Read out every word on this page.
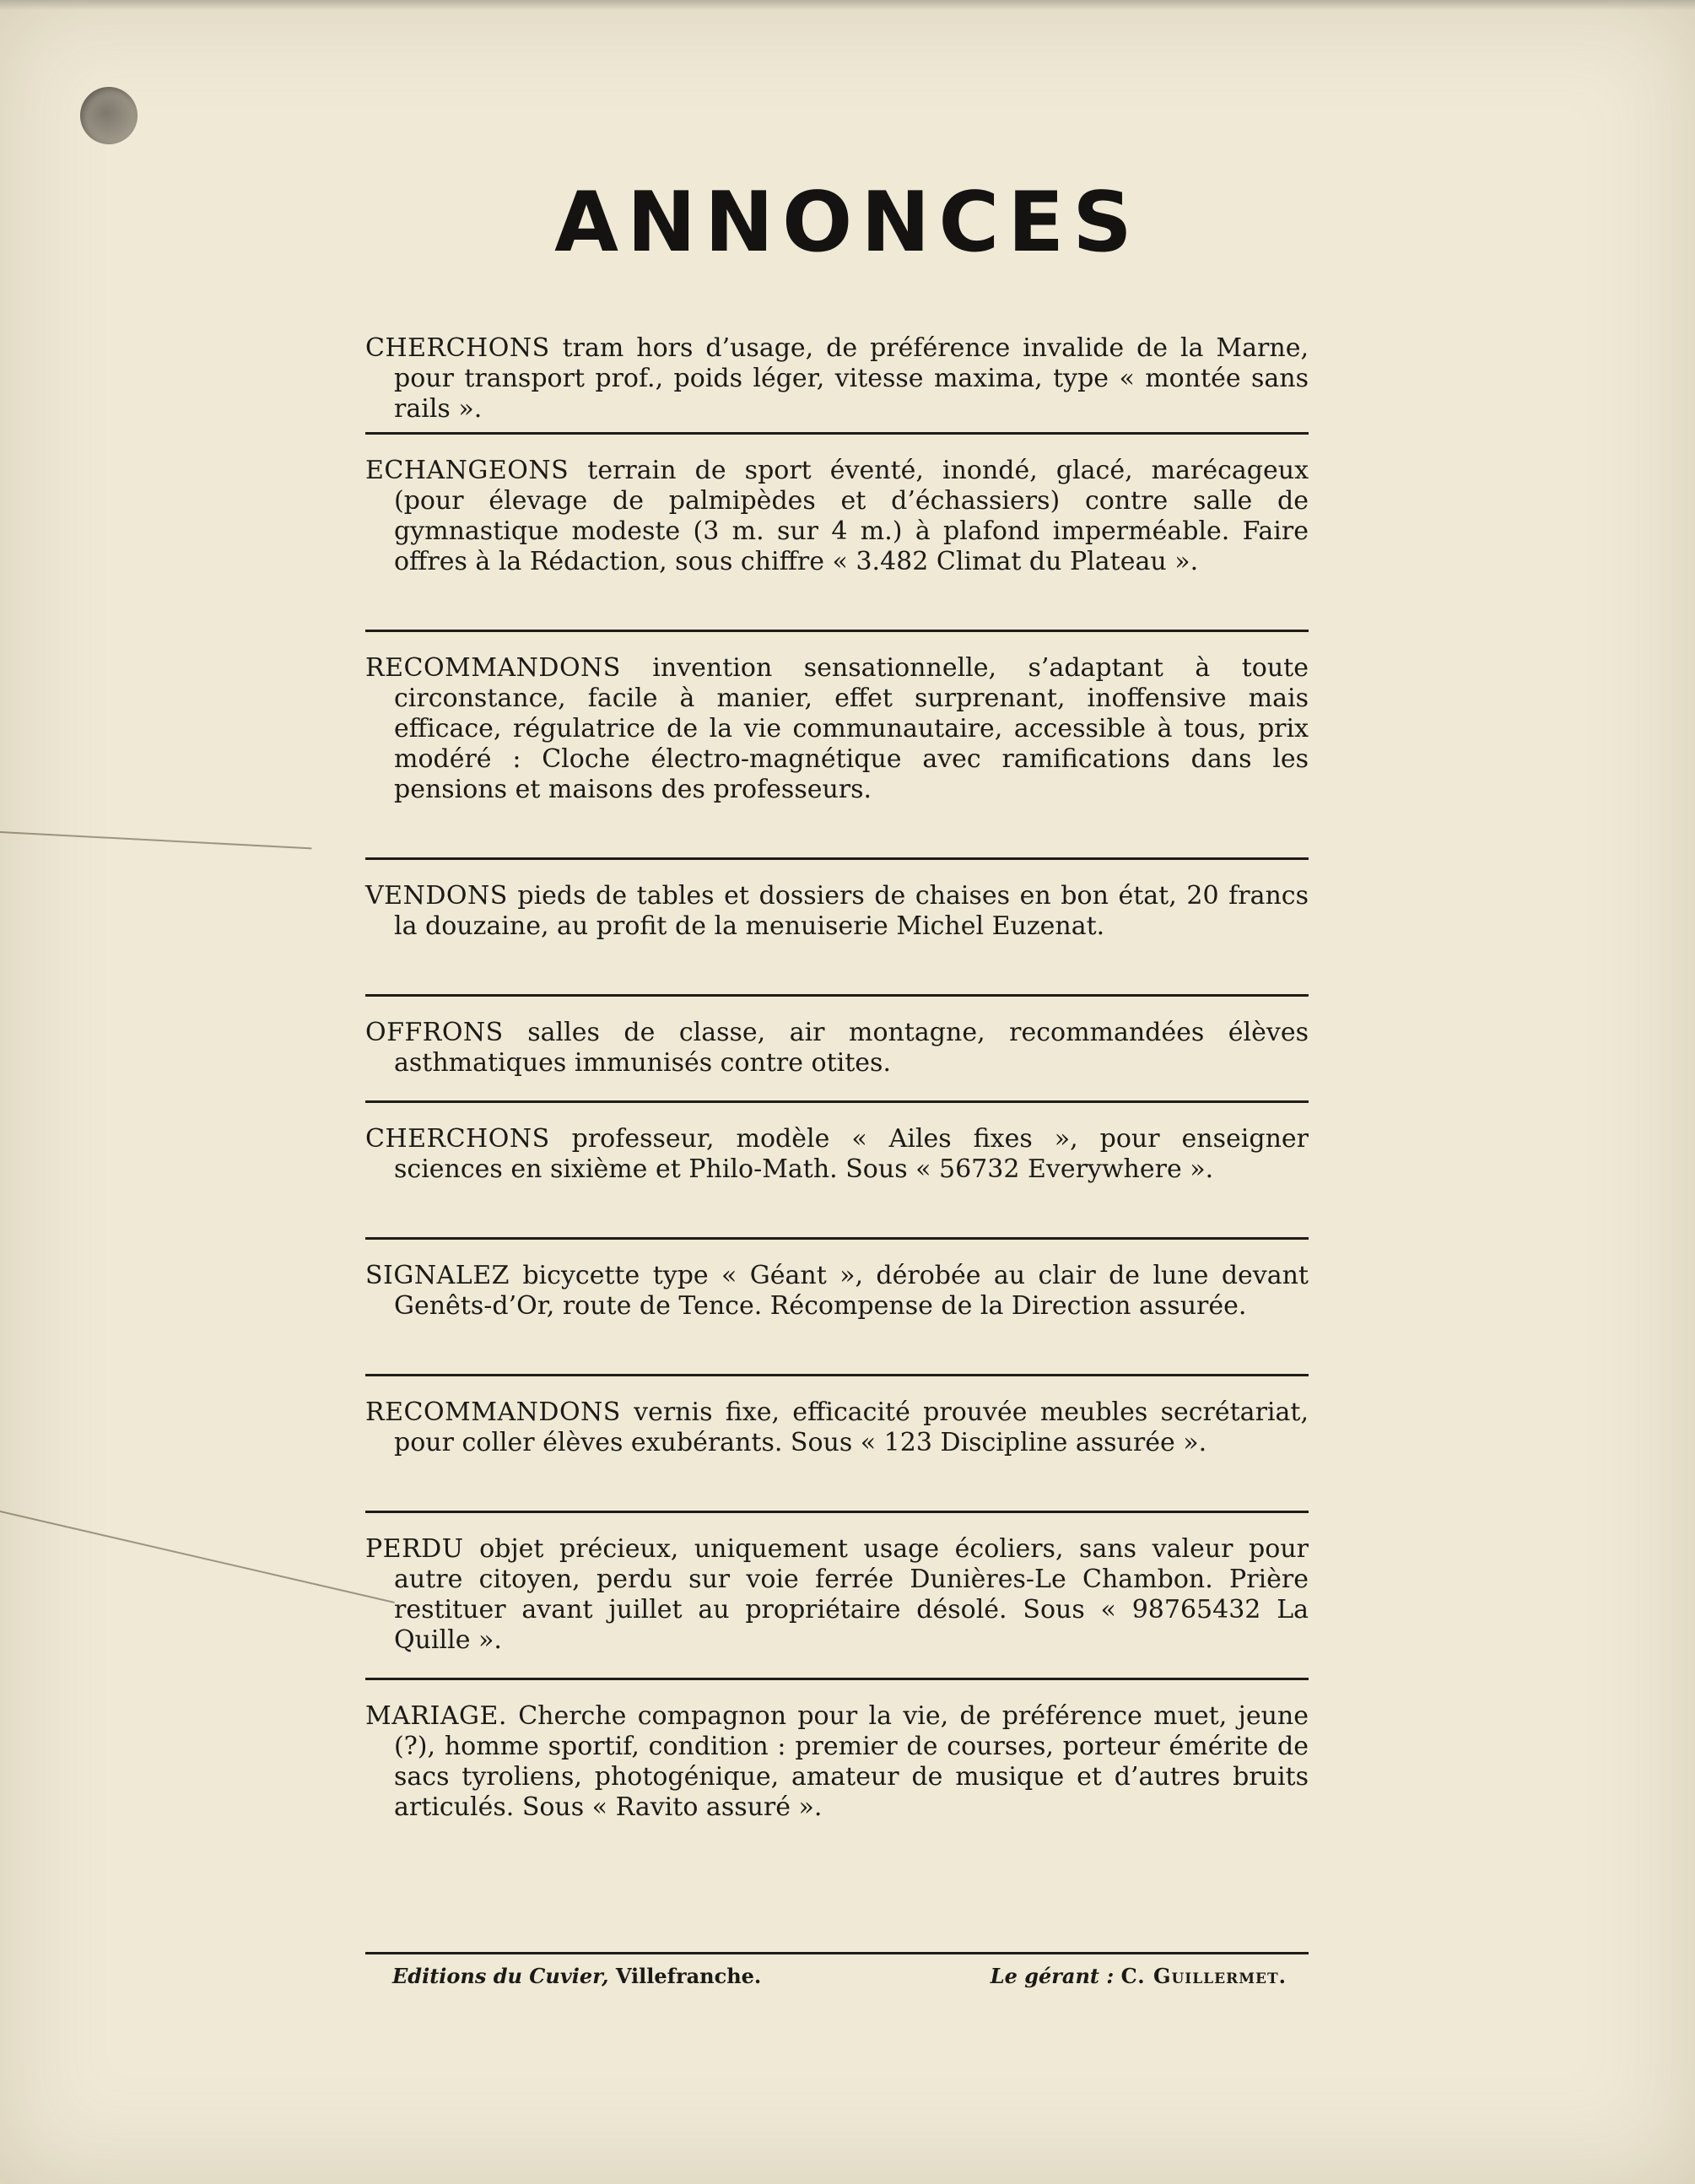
ANNONCES

CHERCHONS tram hors d’usage, de préférence invalide de la Marne, pour transport prof., poids léger, vitesse maxima, type « montée sans rails ».

ECHANGEONS terrain de sport éventé, inondé, glacé, marécageux (pour élevage de palmipèdes et d’échassiers) contre salle de gymnastique modeste (3 m. sur 4 m.) à plafond imperméable. Faire offres à la Rédaction, sous chiffre « 3.482 Climat du Plateau ».

RECOMMANDONS invention sensationnelle, s’adaptant à toute circonstance, facile à manier, effet surprenant, inoffensive mais efficace, régulatrice de la vie communautaire, accessible à tous, prix modéré : Cloche électro-magnétique avec ramifications dans les pensions et maisons des professeurs.

VENDONS pieds de tables et dossiers de chaises en bon état, 20 francs la douzaine, au profit de la menuiserie Michel Euzenat.

OFFRONS salles de classe, air montagne, recommandées élèves asthmatiques immunisés contre otites.

CHERCHONS professeur, modèle « Ailes fixes », pour enseigner sciences en sixième et Philo-Math. Sous « 56732 Everywhere ».

SIGNALEZ bicycette type « Géant », dérobée au clair de lune devant Genêts-d’Or, route de Tence. Récompense de la Direction assurée.

RECOMMANDONS vernis fixe, efficacité prouvée meubles secrétariat, pour coller élèves exubérants. Sous « 123 Discipline assurée ».

PERDU objet précieux, uniquement usage écoliers, sans valeur pour autre citoyen, perdu sur voie ferrée Dunières-Le Chambon. Prière restituer avant juillet au propriétaire désolé. Sous « 98765432 La Quille ».

MARIAGE. Cherche compagnon pour la vie, de préférence muet, jeune (?), homme sportif, condition : premier de courses, porteur émérite de sacs tyroliens, photogénique, amateur de musique et d’autres bruits articulés. Sous « Ravito assuré ».

Editions du Cuvier, Villefranche.	Le gérant : C. Guillermet.
